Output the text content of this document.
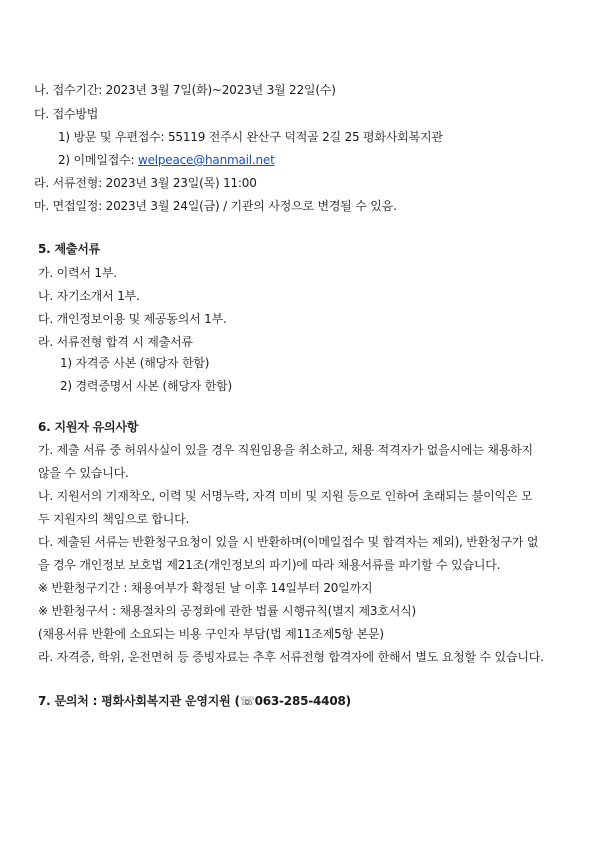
나. 접수기간: 2023년 3월 7일(화)~2023년 3월 22일(수)
다. 접수방법
1) 방문 및 우편접수: 55119 전주시 완산구 덕적골 2길 25 평화사회복지관
2) 이메일접수: welpeace@hanmail.net
라. 서류전형: 2023년 3월 23일(목) 11:00
마. 면접일정: 2023년 3월 24일(금) / 기관의 사정으로 변경될 수 있음.
5. 제출서류
가. 이력서 1부.
나. 자기소개서 1부.
다. 개인정보이용 및 제공동의서 1부.
라. 서류전형 합격 시 제출서류
1) 자격증 사본 (해당자 한함)
2) 경력증명서 사본 (해당자 한함)
6. 지원자 유의사항
가. 제출 서류 중 허위사실이 있을 경우 직원임용을 취소하고, 채용 적격자가 없을시에는 채용하지
않을 수 있습니다.
나. 지원서의 기재착오, 이력 및 서명누락, 자격 미비 및 지원 등으로 인하여 초래되는 불이익은 모
두 지원자의 책임으로 합니다.
다. 제출된 서류는 반환청구요청이 있을 시 반환하며(이메일접수 및 합격자는 제외), 반환청구가 없
을 경우 개인정보 보호법 제21조(개인정보의 파기)에 따라 채용서류를 파기할 수 있습니다.
※ 반환청구기간 : 채용여부가 확정된 날 이후 14일부터 20일까지
※ 반환청구서 : 채용절차의 공정화에 관한 법률 시행규칙(별지 제3호서식)
(채용서류 반환에 소요되는 비용 구인자 부담(법 제11조제5항 본문)
라. 자격증, 학위, 운전면허 등 증빙자료는 추후 서류전형 합격자에 한해서 별도 요청할 수 있습니다.
7. 문의처 : 평화사회복지관 운영지원 (☏063-285-4408)
